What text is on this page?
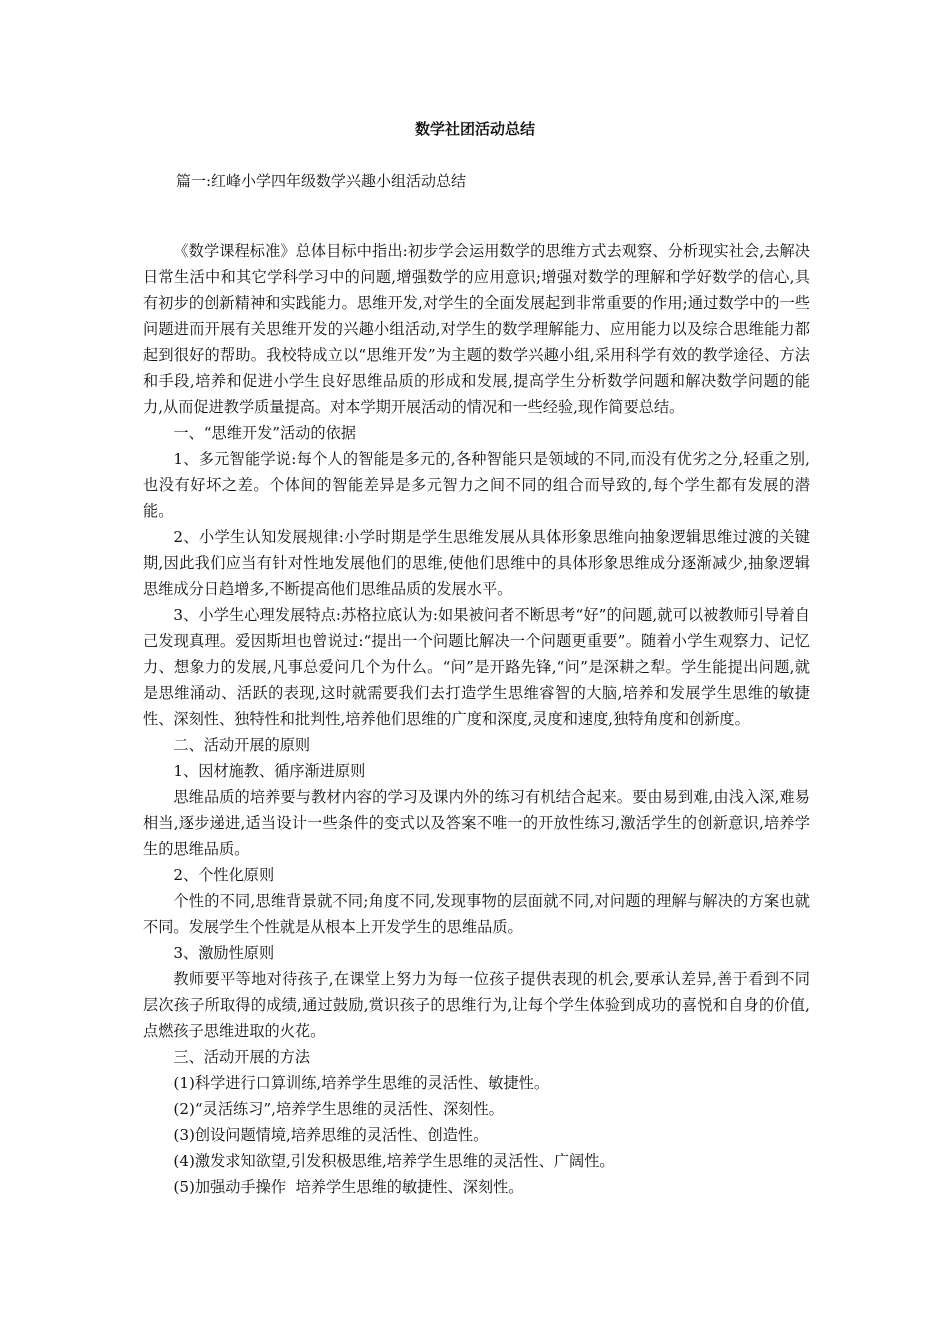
数学社团活动总结
篇一:红峰小学四年级数学兴趣小组活动总结

《数学课程标准》总体目标中指出:初步学会运用数学的思维方式去观察、分析现实社会,去解决日常生活中和其它学科学习中的问题,增强数学的应用意识;增强对数学的理解和学好数学的信心,具有初步的创新精神和实践能力。思维开发,对学生的全面发展起到非常重要的作用;通过数学中的一些问题进而开展有关思维开发的兴趣小组活动,对学生的数学理解能力、应用能力以及综合思维能力都起到很好的帮助。我校特成立以“思维开发”为主题的数学兴趣小组,采用科学有效的教学途径、方法和手段,培养和促进小学生良好思维品质的形成和发展,提高学生分析数学问题和解决数学问题的能力,从而促进教学质量提高。对本学期开展活动的情况和一些经验,现作简要总结。

一、“思维开发”活动的依据

1、多元智能学说:每个人的智能是多元的,各种智能只是领域的不同,而没有优劣之分,轻重之别,也没有好坏之差。个体间的智能差异是多元智力之间不同的组合而导致的,每个学生都有发展的潜能。

2、小学生认知发展规律:小学时期是学生思维发展从具体形象思维向抽象逻辑思维过渡的关键期,因此我们应当有针对性地发展他们的思维,使他们思维中的具体形象思维成分逐渐减少,抽象逻辑思维成分日趋增多,不断提高他们思维品质的发展水平。

3、小学生心理发展特点:苏格拉底认为:如果被问者不断思考“好”的问题,就可以被教师引导着自己发现真理。爱因斯坦也曾说过:“提出一个问题比解决一个问题更重要”。随着小学生观察力、记忆力、想象力的发展,凡事总爱问几个为什么。“问”是开路先锋,“问”是深耕之犁。学生能提出问题,就是思维涌动、活跃的表现,这时就需要我们去打造学生思维睿智的大脑,培养和发展学生思维的敏捷性、深刻性、独特性和批判性,培养他们思维的广度和深度,灵度和速度,独特角度和创新度。

二、活动开展的原则

1、因材施教、循序渐进原则

思维品质的培养要与教材内容的学习及课内外的练习有机结合起来。要由易到难,由浅入深,难易相当,逐步递进,适当设计一些条件的变式以及答案不唯一的开放性练习,激活学生的创新意识,培养学生的思维品质。

2、个性化原则

个性的不同,思维背景就不同;角度不同,发现事物的层面就不同,对问题的理解与解决的方案也就不同。发展学生个性就是从根本上开发学生的思维品质。

3、激励性原则

教师要平等地对待孩子,在课堂上努力为每一位孩子提供表现的机会,要承认差异,善于看到不同层次孩子所取得的成绩,通过鼓励,赏识孩子的思维行为,让每个学生体验到成功的喜悦和自身的价值,点燃孩子思维进取的火花。

三、活动开展的方法

(1)科学进行口算训练,培养学生思维的灵活性、敏捷性。

(2)“灵活练习”,培养学生思维的灵活性、深刻性。

(3)创设问题情境,培养思维的灵活性、创造性。

(4)激发求知欲望,引发积极思维,培养学生思维的灵活性、广阔性。

(5)加强动手操作  培养学生思维的敏捷性、深刻性。
